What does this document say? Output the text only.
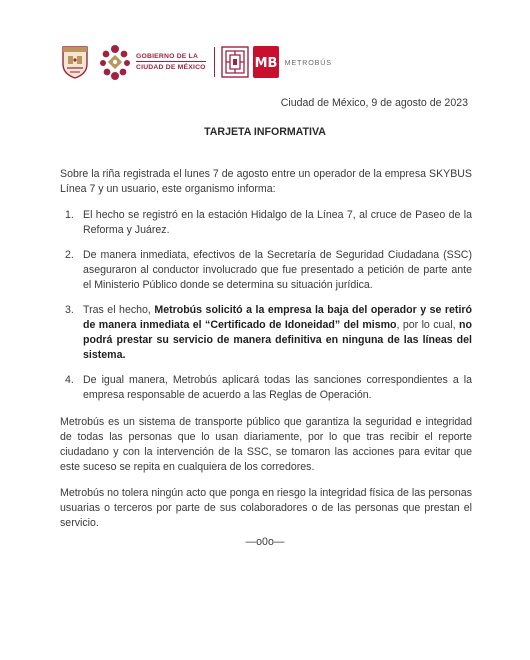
GOBIERNO DE LA
CIUDAD DE MÉXICO	MB METROBÚS
Ciudad de México, 9 de agosto de 2023
TARJETA INFORMATIVA

Sobre la riña registrada el lunes 7 de agosto entre un operador de la empresa SKYBUS Línea 7 y un usuario, este organismo informa:

1. El hecho se registró en la estación Hidalgo de la Línea 7, al cruce de Paseo de la Reforma y Juárez.
2. De manera inmediata, efectivos de la Secretaría de Seguridad Ciudadana (SSC) aseguraron al conductor involucrado que fue presentado a petición de parte ante el Ministerio Público donde se determina su situación jurídica.
3. Tras el hecho, Metrobús solicitó a la empresa la baja del operador y se retiró de manera inmediata el “Certificado de Idoneidad” del mismo, por lo cual, no podrá prestar su servicio de manera definitiva en ninguna de las líneas del sistema.
4. De igual manera, Metrobús aplicará todas las sanciones correspondientes a la empresa responsable de acuerdo a las Reglas de Operación.

Metrobús es un sistema de transporte público que garantiza la seguridad e integridad de todas las personas que lo usan diariamente, por lo que tras recibir el reporte ciudadano y con la intervención de la SSC, se tomaron las acciones para evitar que este suceso se repita en cualquiera de los corredores.

Metrobús no tolera ningún acto que ponga en riesgo la integridad física de las personas usuarias o terceros por parte de sus colaboradores o de las personas que prestan el servicio.

—o0o—
